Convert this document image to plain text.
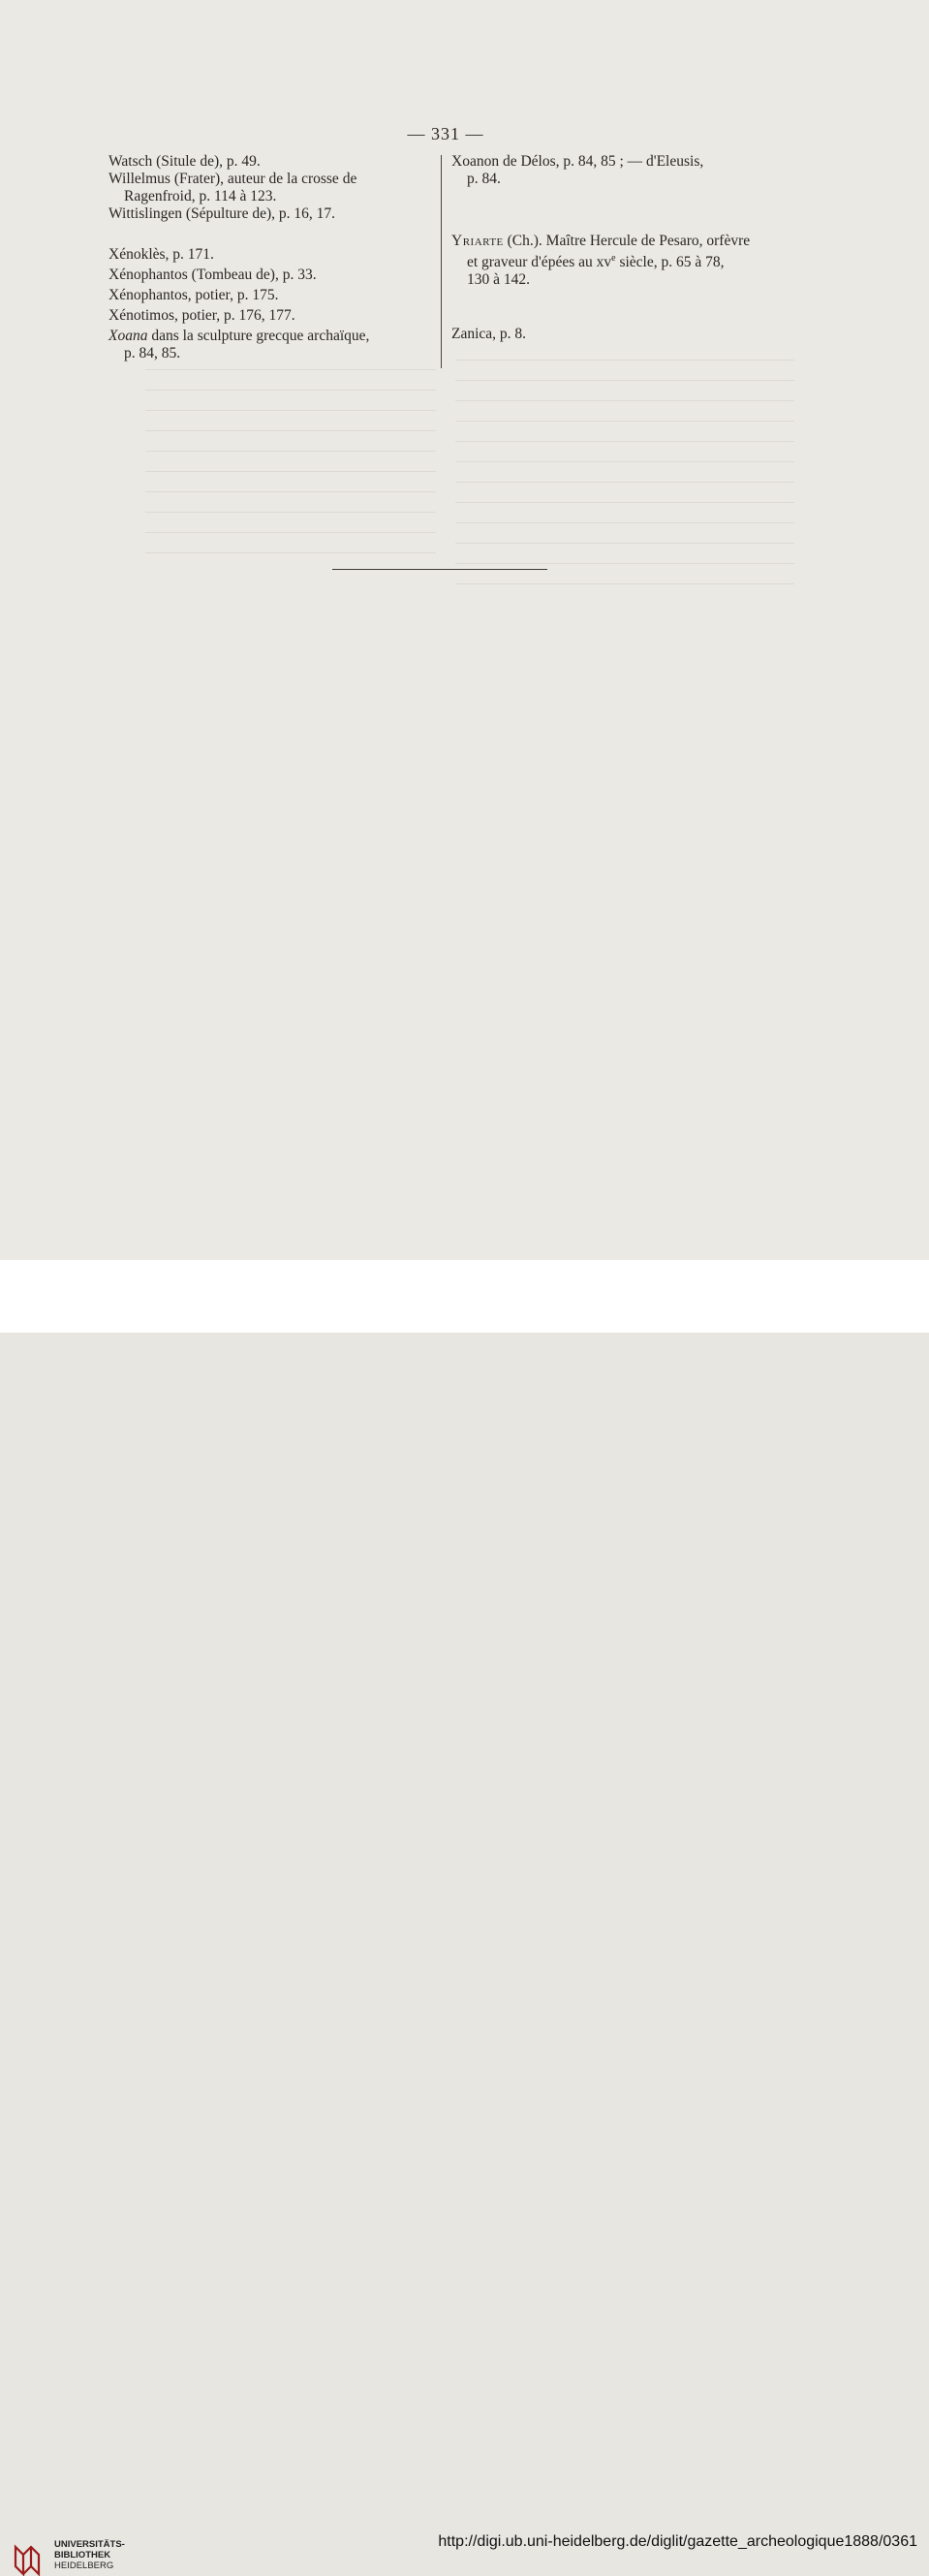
— 331 —
Watsch (Situle de), p. 49.
Willelmus (Frater), auteur de la crosse de
Ragenfroid, p. 114 à 123.
Wittislingen (Sépulture de), p. 16, 17.
Xénoklès, p. 171.
Xénophantos (Tombeau de), p. 33.
Xénophantos, potier, p. 175.
Xénotimos, potier, p. 176, 177.
Xoana dans la sculpture grecque archaïque,
p. 84, 85.
Xoanon de Délos, p. 84, 85 ; — d'Eleusis,
p. 84.
Yriarte (Ch.). Maître Hercule de Pesaro, orfèvre
et graveur d'épées au $xv^e$ siècle, p. 65 à 78,
130 à 142.
Zanica, p. 8.
UNIVERSITÄTS-
BIBLIOTHEK
HEIDELBERG
http://digi.ub.uni-heidelberg.de/diglit/gazette_archeologique1888/0361
